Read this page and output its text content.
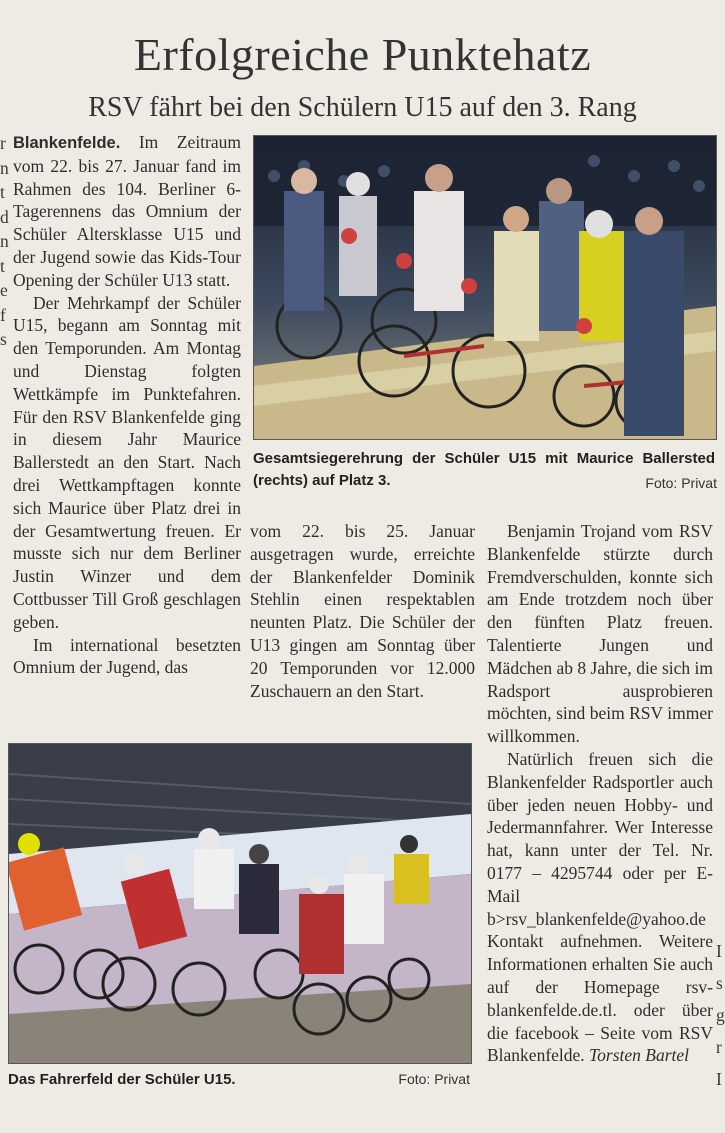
r
n
t
d
n
t
e
f
s
I
s
g
r
I
Erfolgreiche Punktehatz
RSV fährt bei den Schülern U15 auf den 3. Rang

Blankenfelde. Im Zeitraum vom 22. bis 27. Januar fand im Rahmen des 104. Berliner 6-Tagerennens das Omnium der Schüler Altersklasse U15 und der Jugend sowie das Kids-Tour Opening der Schüler U13 statt.

Der Mehrkampf der Schüler U15, begann am Sonntag mit den Temporunden. Am Montag und Dienstag folgten Wettkämpfe im Punktefahren. Für den RSV Blankenfelde ging in diesem Jahr Maurice Ballerstedt an den Start. Nach drei Wettkampftagen konnte sich Maurice über Platz drei in der Gesamtwertung freuen. Er musste sich nur dem Berliner Justin Winzer und dem Cottbusser Till Groß geschlagen geben.

Im international besetzten Omnium der Jugend, das

Gesamtsiegerehrung der Schüler U15 mit Maurice Ballersted (rechts) auf Platz 3.	Foto: Privat

vom 22. bis 25. Januar ausgetragen wurde, erreichte der Blankenfelder Dominik Stehlin einen respektablen neunten Platz. Die Schüler der U13 gingen am Sonntag über 20 Temporunden vor 12.000 Zuschauern an den Start.

Benjamin Trojand vom RSV Blankenfelde stürzte durch Fremdverschulden, konnte sich am Ende trotzdem noch über den fünften Platz freuen. Talentierte Jungen und Mädchen ab 8 Jahre, die sich im Radsport ausprobieren möchten, sind beim RSV immer willkommen.

Natürlich freuen sich die Blankenfelder Radsportler auch über jeden neuen Hobby- und Jedermannfahrer. Wer Interesse hat, kann unter der Tel. Nr. 0177 – 4295744 oder per E-Mail b>rsv_blankenfelde@yahoo.de Kontakt aufnehmen. Weitere Informationen erhalten Sie auch auf der Homepage rsv-blankenfelde.de.tl. oder über die facebook – Seite vom RSV Blankenfelde. Torsten Bartel

Das Fahrerfeld der Schüler U15.	Foto: Privat
